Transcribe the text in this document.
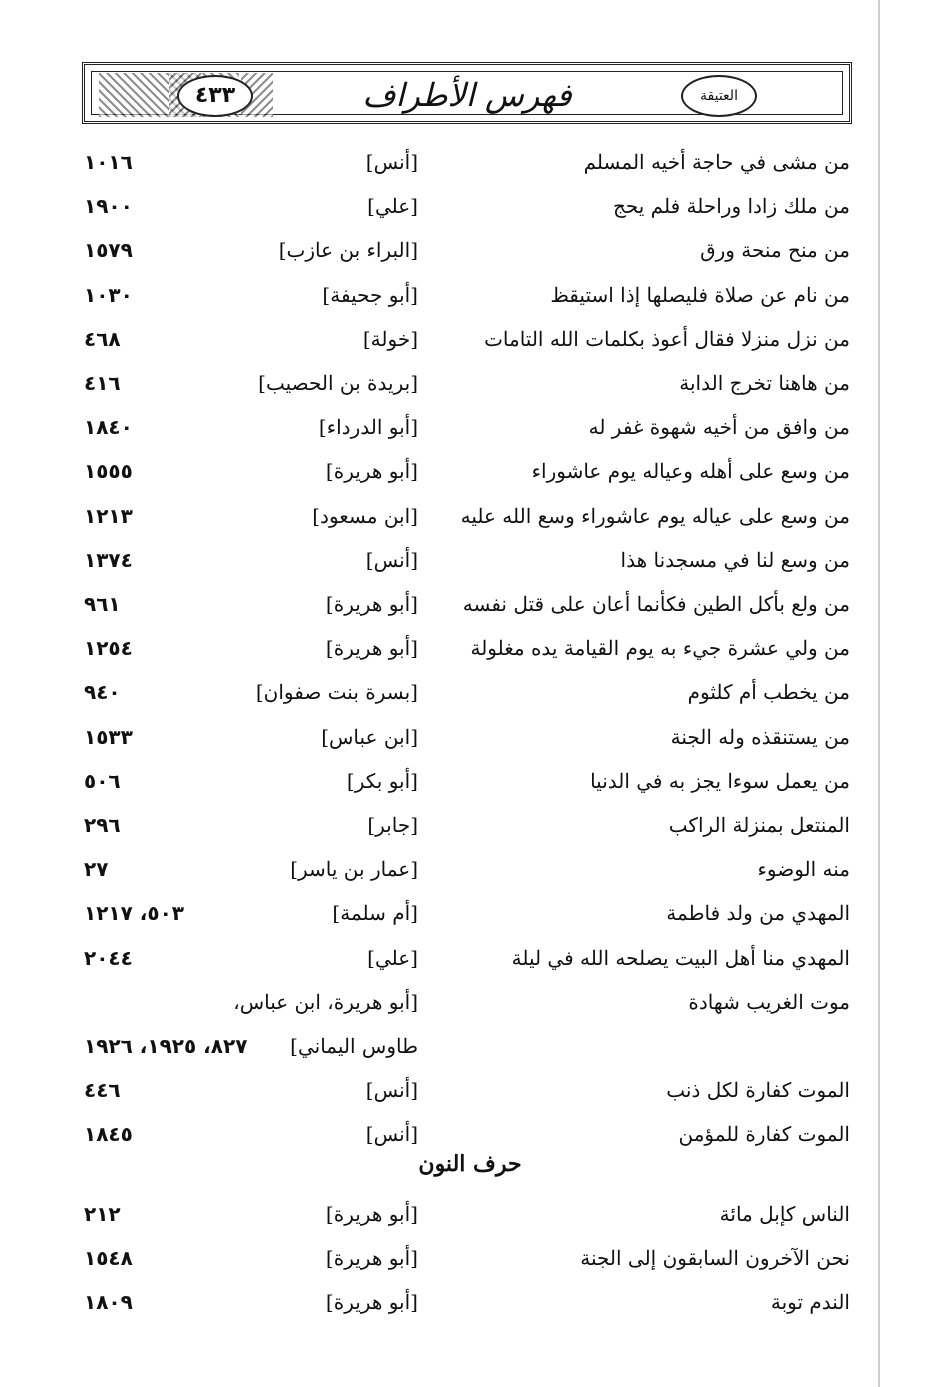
٤٣٣	فهرس الأطراف	العتيقة
من مشى في حاجة أخيه المسلم
[أنس]
١٠١٦
من ملك زادا وراحلة فلم يحج
[علي]
١٩٠٠
من منح منحة ورق
[البراء بن عازب]
١٥٧٩
من نام عن صلاة فليصلها إذا استيقظ
[أبو جحيفة]
١٠٣٠
من نزل منزلا فقال أعوذ بكلمات الله التامات
[خولة]
٤٦٨
من هاهنا تخرج الدابة
[بريدة بن الحصيب]
٤١٦
من وافق من أخيه شهوة غفر له
[أبو الدرداء]
١٨٤٠
من وسع على أهله وعياله يوم عاشوراء
[أبو هريرة]
١٥٥٥
من وسع على عياله يوم عاشوراء وسع الله عليه
[ابن مسعود]
١٢١٣
من وسع لنا في مسجدنا هذا
[أنس]
١٣٧٤
من ولع بأكل الطين فكأنما أعان على قتل نفسه
[أبو هريرة]
٩٦١
من ولي عشرة جيء به يوم القيامة يده مغلولة
[أبو هريرة]
١٢٥٤
من يخطب أم كلثوم
[بسرة بنت صفوان]
٩٤٠
من يستنقذه وله الجنة
[ابن عباس]
١٥٣٣
من يعمل سوءا يجز به في الدنيا
[أبو بكر]
٥٠٦
المنتعل بمنزلة الراكب
[جابر]
٢٩٦
منه الوضوء
[عمار بن ياسر]
٢٧
المهدي من ولد فاطمة
[أم سلمة]
٥٠٣، ١٢١٧
المهدي منا أهل البيت يصلحه الله في ليلة
[علي]
٢٠٤٤
موت الغريب شهادة
[أبو هريرة، ابن عباس،
طاوس اليماني]
٨٢٧، ١٩٢٥، ١٩٢٦
الموت كفارة لكل ذنب
[أنس]
٤٤٦
الموت كفارة للمؤمن
[أنس]
١٨٤٥
حرف النون
الناس كإبل مائة
[أبو هريرة]
٢١٢
نحن الآخرون السابقون إلى الجنة
[أبو هريرة]
١٥٤٨
الندم توبة
[أبو هريرة]
١٨٠٩
